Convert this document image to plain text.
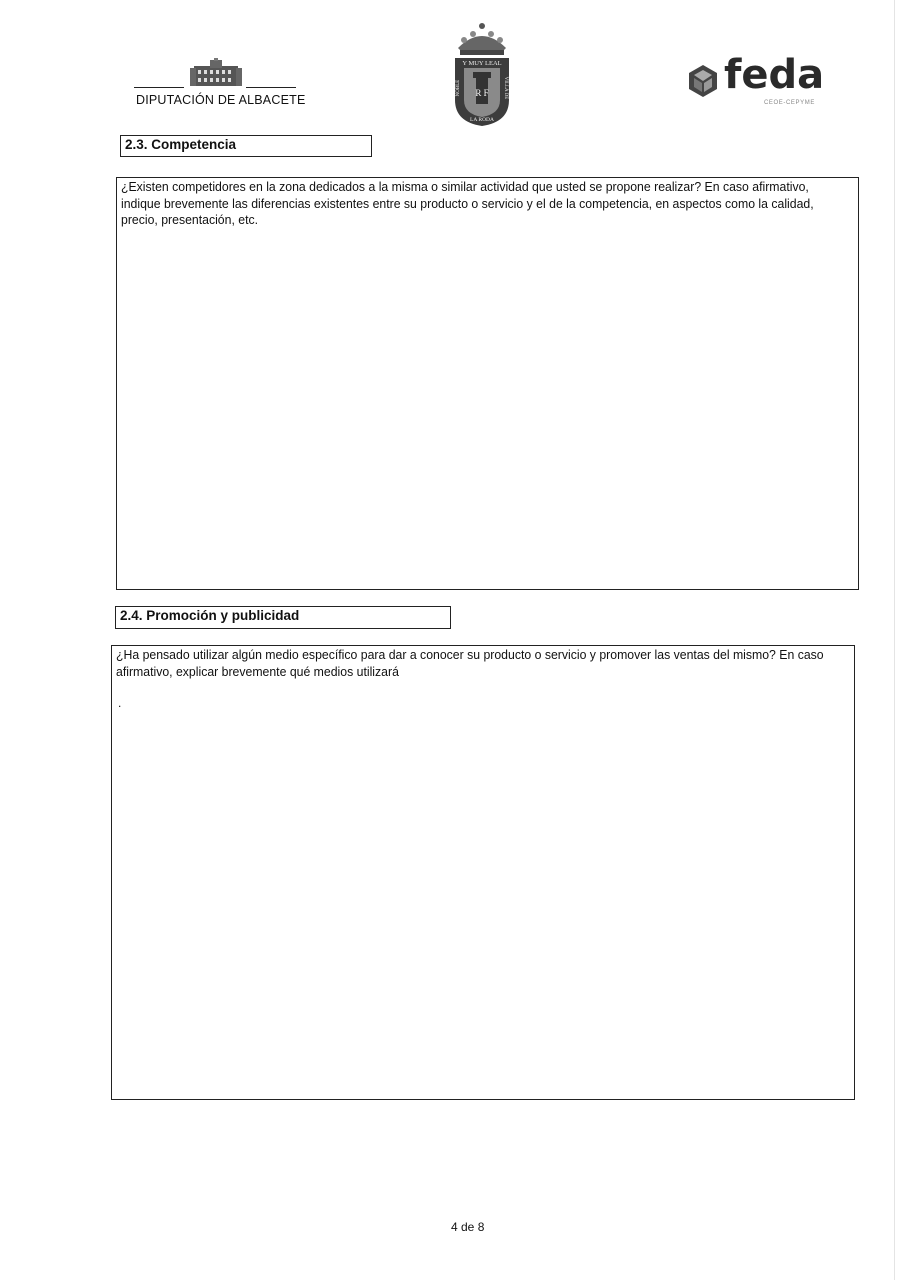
DIPUTACIÓN DE ALBACETE
Y MUY LEAL
NOBLE	VILLA DE
R F
LA RODA
feda
CEOE-CEPYME
2.3. Competencia
¿Existen competidores en la zona dedicados a la misma o similar actividad que usted se propone realizar? En caso afirmativo, indique brevemente las diferencias existentes entre su producto o servicio y el de la competencia, en aspectos como la calidad, precio, presentación, etc.
2.4. Promoción y publicidad
¿Ha pensado utilizar algún medio específico para dar a conocer su producto o servicio y promover las ventas del mismo? En caso afirmativo, explicar brevemente qué medios utilizará
.
4 de 8
